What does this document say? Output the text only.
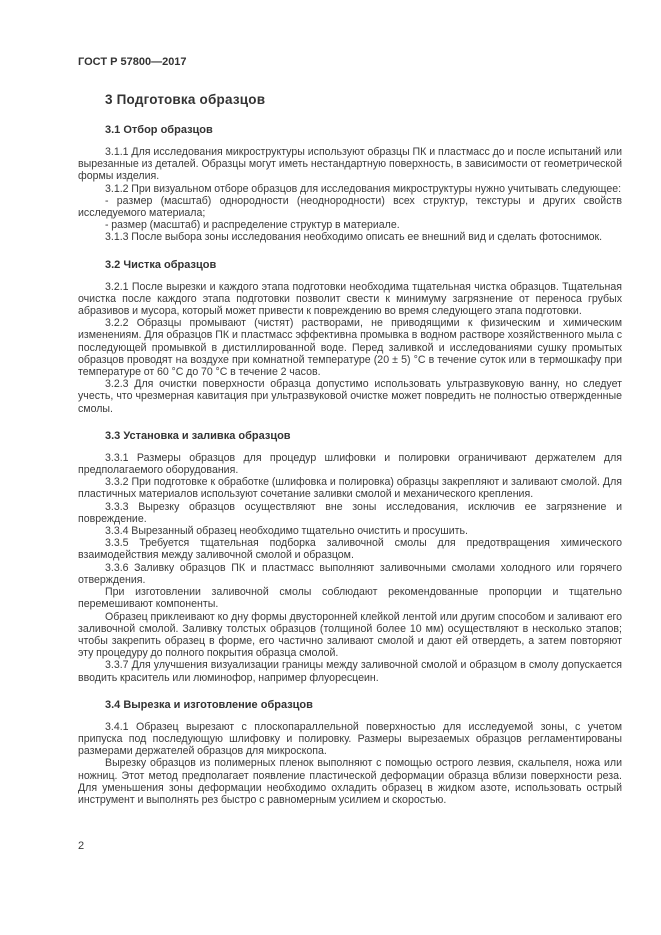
ГОСТ Р 57800—2017
3 Подготовка образцов
3.1 Отбор образцов

3.1.1 Для исследования микроструктуры используют образцы ПК и пластмасс до и после испытаний или вырезанные из деталей. Образцы могут иметь нестандартную поверхность, в зависимости от геометрической формы изделия.

3.1.2 При визуальном отборе образцов для исследования микроструктуры нужно учитывать следующее:

- размер (масштаб) однородности (неоднородности) всех структур, текстуры и других свойств исследуемого материала;

- размер (масштаб) и распределение структур в материале.

3.1.3 После выбора зоны исследования необходимо описать ее внешний вид и сделать фотоснимок.

3.2 Чистка образцов

3.2.1 После вырезки и каждого этапа подготовки необходима тщательная чистка образцов. Тщательная очистка после каждого этапа подготовки позволит свести к минимуму загрязнение от переноса грубых абразивов и мусора, который может привести к повреждению во время следующего этапа подготовки.

3.2.2 Образцы промывают (чистят) растворами, не приводящими к физическим и химическим изменениям. Для образцов ПК и пластмасс эффективна промывка в водном растворе хозяйственного мыла с последующей промывкой в дистиллированной воде. Перед заливкой и исследованиями сушку промытых образцов проводят на воздухе при комнатной температуре (20 ± 5) °С в течение суток или в термошкафу при температуре от 60 °С до 70 °С в течение 2 часов.

3.2.3 Для очистки поверхности образца допустимо использовать ультразвуковую ванну, но следует учесть, что чрезмерная кавитация при ультразвуковой очистке может повредить не полностью отвержденные смолы.

3.3 Установка и заливка образцов

3.3.1 Размеры образцов для процедур шлифовки и полировки ограничивают держателем для предполагаемого оборудования.

3.3.2 При подготовке к обработке (шлифовка и полировка) образцы закрепляют и заливают смолой. Для пластичных материалов используют сочетание заливки смолой и механического крепления.

3.3.3 Вырезку образцов осуществляют вне зоны исследования, исключив ее загрязнение и повреждение.

3.3.4 Вырезанный образец необходимо тщательно очистить и просушить.

3.3.5 Требуется тщательная подборка заливочной смолы для предотвращения химического взаимодействия между заливочной смолой и образцом.

3.3.6 Заливку образцов ПК и пластмасс выполняют заливочными смолами холодного или горячего отверждения.

При изготовлении заливочной смолы соблюдают рекомендованные пропорции и тщательно перемешивают компоненты.

Образец приклеивают ко дну формы двусторонней клейкой лентой или другим способом и заливают его заливочной смолой. Заливку толстых образцов (толщиной более 10 мм) осуществляют в несколько этапов; чтобы закрепить образец в форме, его частично заливают смолой и дают ей отвердеть, а затем повторяют эту процедуру до полного покрытия образца смолой.

3.3.7 Для улучшения визуализации границы между заливочной смолой и образцом в смолу допускается вводить краситель или люминофор, например флуоресцеин.

3.4 Вырезка и изготовление образцов

3.4.1 Образец вырезают с плоскопараллельной поверхностью для исследуемой зоны, с учетом припуска под последующую шлифовку и полировку. Размеры вырезаемых образцов регламентированы размерами держателей образцов для микроскопа.

Вырезку образцов из полимерных пленок выполняют с помощью острого лезвия, скальпеля, ножа или ножниц. Этот метод предполагает появление пластической деформации образца вблизи поверхности реза. Для уменьшения зоны деформации необходимо охладить образец в жидком азоте, использовать острый инструмент и выполнять рез быстро с равномерным усилием и скоростью.

2
